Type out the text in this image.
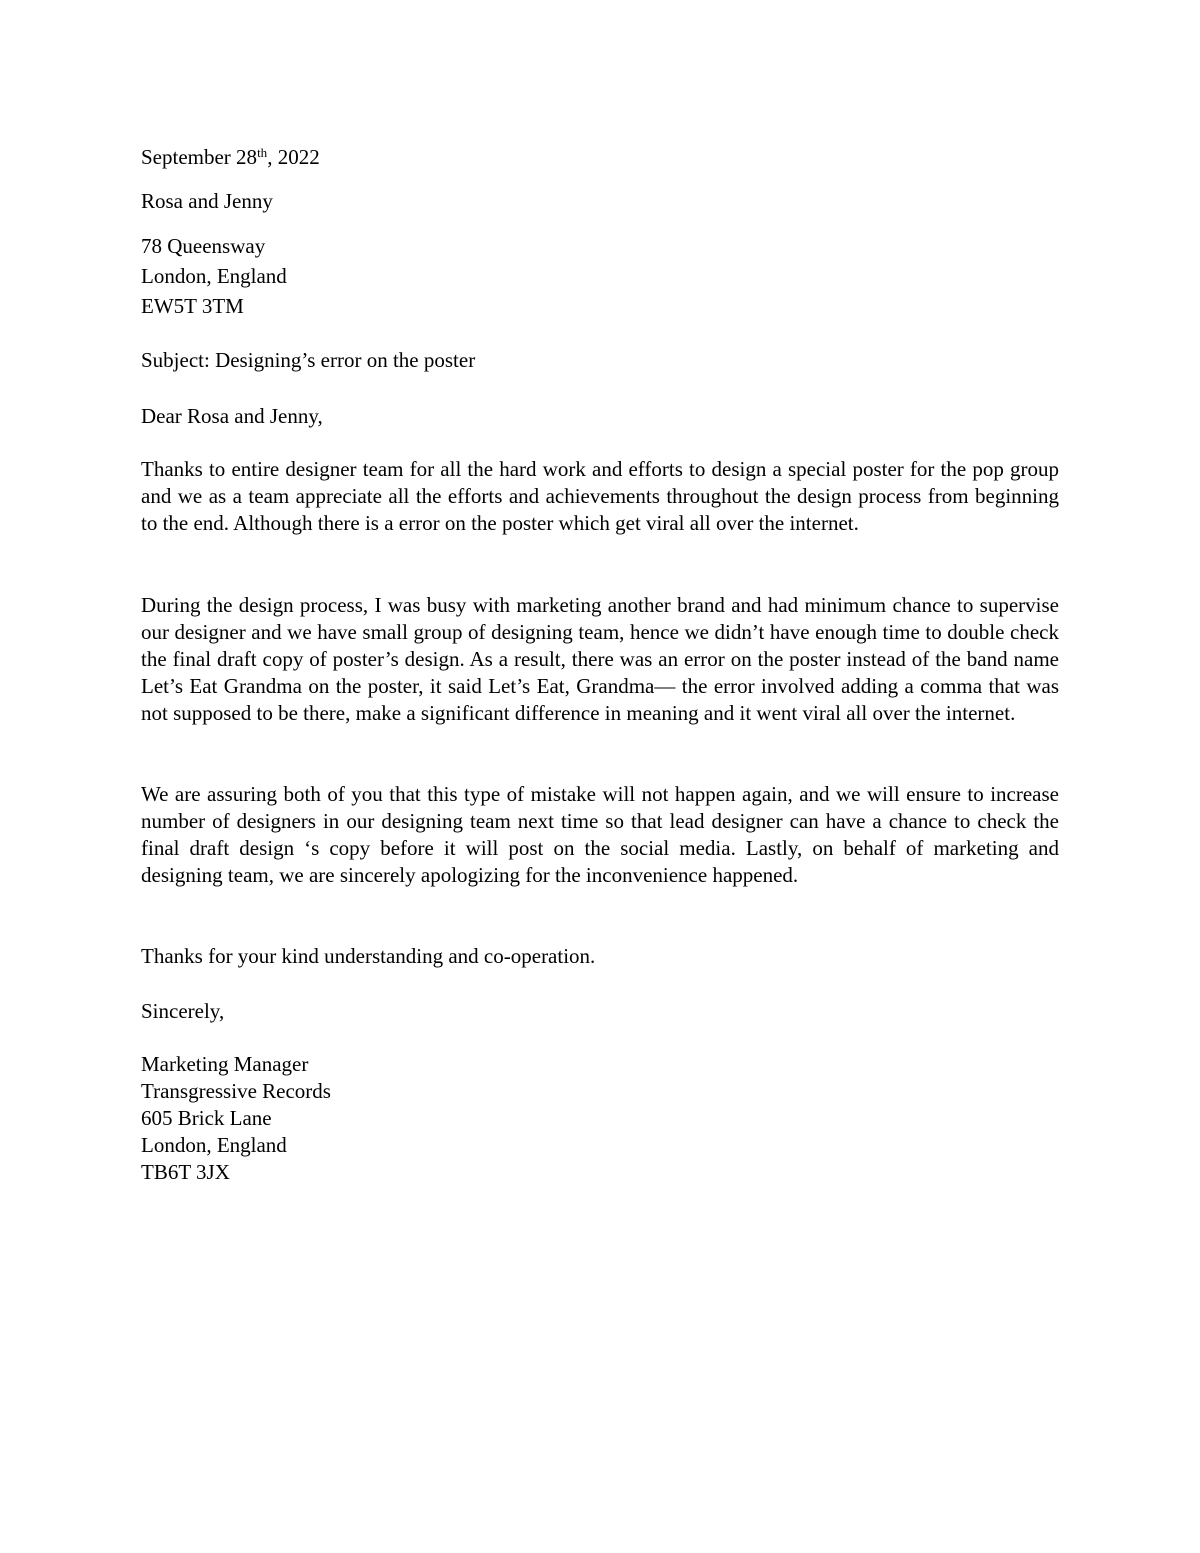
September 28th, 2022

Rosa and Jenny

78 Queensway
London, England
EW5T 3TM

Subject: Designing’s error on the poster

Dear Rosa and Jenny,

Thanks to entire designer team for all the hard work and efforts to design a special poster for the pop group and we as a team appreciate all the efforts and achievements throughout the design process from beginning to the end. Although there is a error on the poster which get viral all over the internet.

During the design process, I was busy with marketing another brand and had minimum chance to supervise our designer and we have small group of designing team, hence we didn’t have enough time to double check the final draft copy of poster’s design. As a result, there was an error on the poster instead of the band name Let’s Eat Grandma on the poster, it said Let’s Eat, Grandma— the error involved adding a comma that was not supposed to be there, make a significant difference in meaning and it went viral all over the internet.

We are assuring both of you that this type of mistake will not happen again, and we will ensure to increase number of designers in our designing team next time so that lead designer can have a chance to check the final draft design ‘s copy before it will post on the social media. Lastly, on behalf of marketing and designing team, we are sincerely apologizing for the inconvenience happened.

Thanks for your kind understanding and co-operation.

Sincerely,

Marketing Manager
Transgressive Records
605 Brick Lane
London, England
TB6T 3JX
